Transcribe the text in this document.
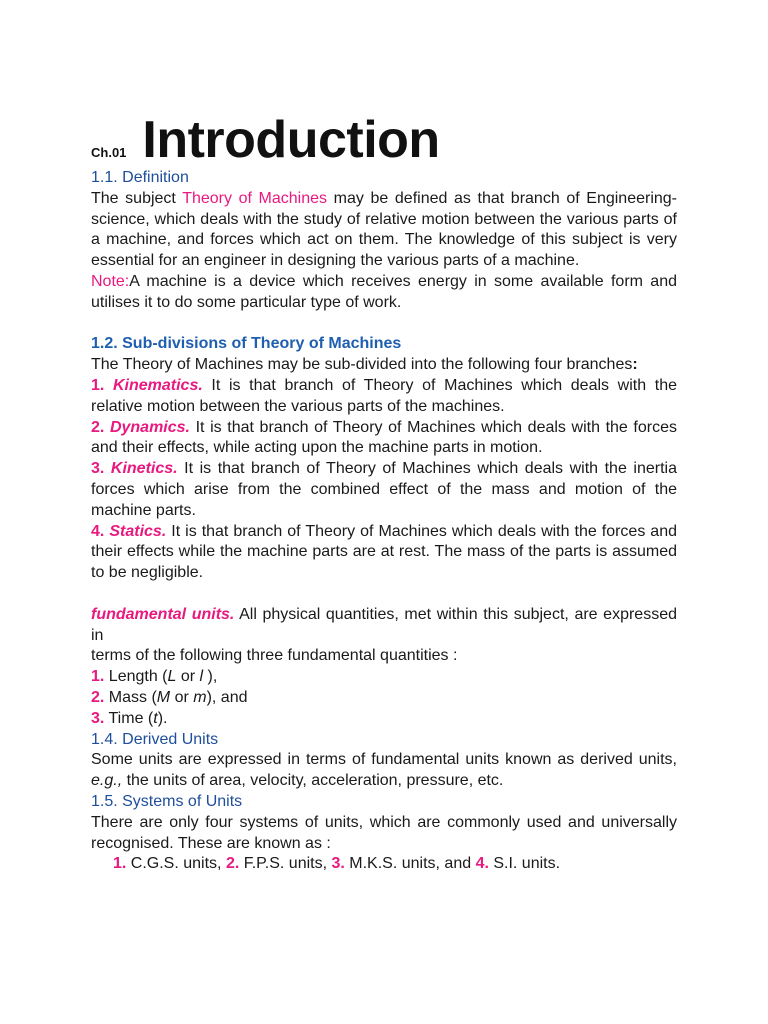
Ch.01 Introduction
1.1. Definition
The subject Theory of Machines may be defined as that branch of Engineering-science, which deals with the study of relative motion between the various parts of a machine, and forces which act on them. The knowledge of this subject is very essential for an engineer in designing the various parts of a machine.
Note:A machine is a device which receives energy in some available form and utilises it to do some particular type of work.
1.2. Sub-divisions of Theory of Machines
The Theory of Machines may be sub-divided into the following four branches:
1. Kinematics. It is that branch of Theory of Machines which deals with the relative motion between the various parts of the machines.
2. Dynamics. It is that branch of Theory of Machines which deals with the forces and their effects, while acting upon the machine parts in motion.
3. Kinetics. It is that branch of Theory of Machines which deals with the inertia forces which arise from the combined effect of the mass and motion of the machine parts.
4. Statics. It is that branch of Theory of Machines which deals with the forces and their effects while the machine parts are at rest. The mass of the parts is assumed to be negligible.
fundamental units. All physical quantities, met within this subject, are expressed in
terms of the following three fundamental quantities :
1. Length (L or l ),
2. Mass (M or m), and
3. Time (t).
1.4. Derived Units
Some units are expressed in terms of fundamental units known as derived units, e.g., the units of area, velocity, acceleration, pressure, etc.
1.5. Systems of Units
There are only four systems of units, which are commonly used and universally recognised. These are known as :
1. C.G.S. units, 2. F.P.S. units, 3. M.K.S. units, and 4. S.I. units.
